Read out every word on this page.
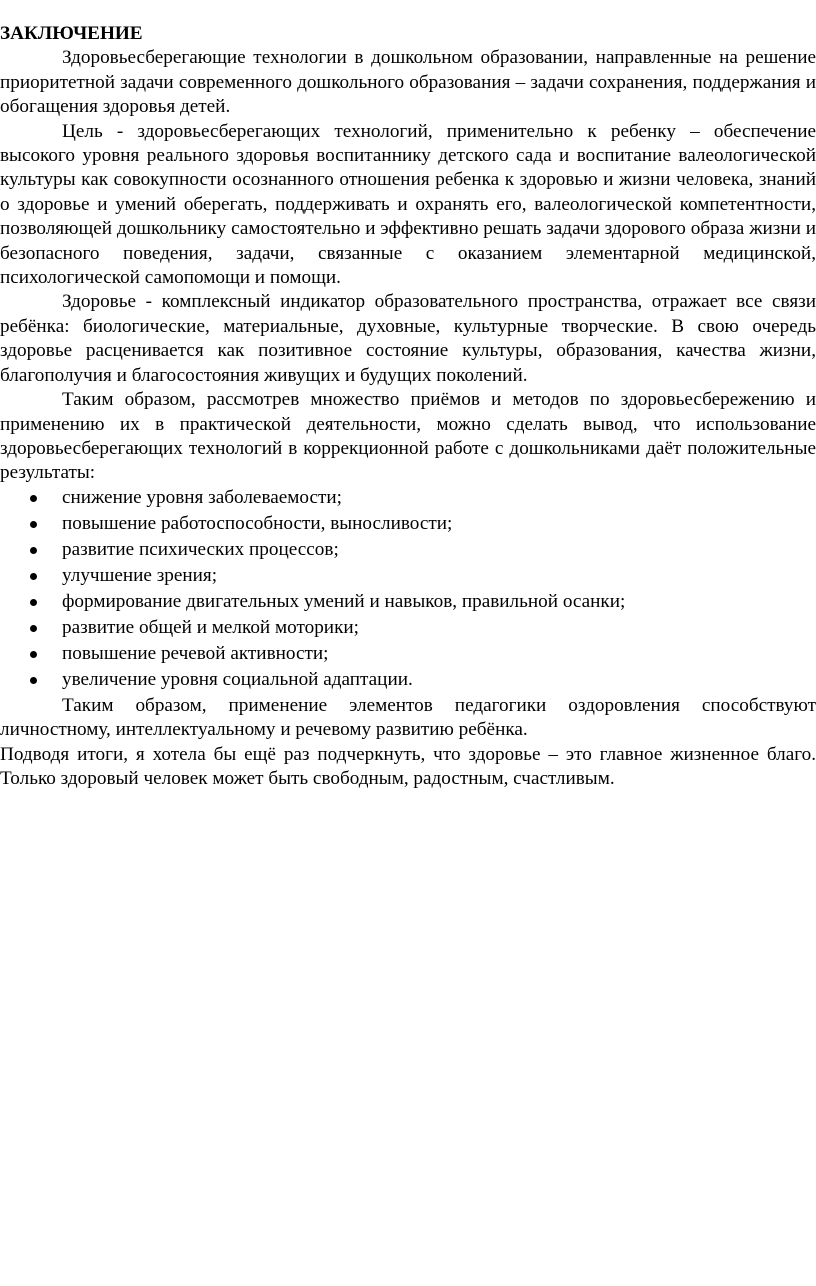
ЗАКЛЮЧЕНИЕ

Здоровьесберегающие технологии в дошкольном образовании, направленные на решение приоритетной задачи современного дошкольного образования – задачи сохранения, поддержания и обогащения здоровья детей.

Цель - здоровьесберегающих технологий, применительно к ребенку – обеспечение высокого уровня реального здоровья воспитаннику детского сада и воспитание валеологической культуры как совокупности осознанного отношения ребенка к здоровью и жизни человека, знаний о здоровье и умений оберегать, поддерживать и охранять его, валеологической компетентности, позволяющей дошкольнику самостоятельно и эффективно решать задачи здорового образа жизни и безопасного поведения, задачи, связанные с оказанием элементарной медицинской, психологической самопомощи и помощи.

Здоровье - комплексный индикатор образовательного пространства, отражает все связи ребёнка: биологические, материальные, духовные, культурные творческие. В свою очередь здоровье расценивается как позитивное состояние культуры, образования, качества жизни, благополучия и благосостояния живущих и будущих поколений.

Таким образом, рассмотрев множество приёмов и методов по здоровьесбережению и применению их в практической деятельности, можно сделать вывод, что использование здоровьесберегающих технологий в коррекционной работе с дошкольниками даёт положительные результаты:

снижение уровня заболеваемости;
повышение работоспособности, выносливости;
развитие психических процессов;
улучшение зрения;
формирование двигательных умений и навыков, правильной осанки;
развитие общей и мелкой моторики;
повышение речевой активности;
увеличение уровня социальной адаптации.

Таким образом, применение элементов педагогики оздоровления способствуют личностному, интеллектуальному и речевому развитию ребёнка.

Подводя итоги, я хотела бы ещё раз подчеркнуть, что здоровье – это главное жизненное благо. Только здоровый человек может быть свободным, радостным, счастливым.
